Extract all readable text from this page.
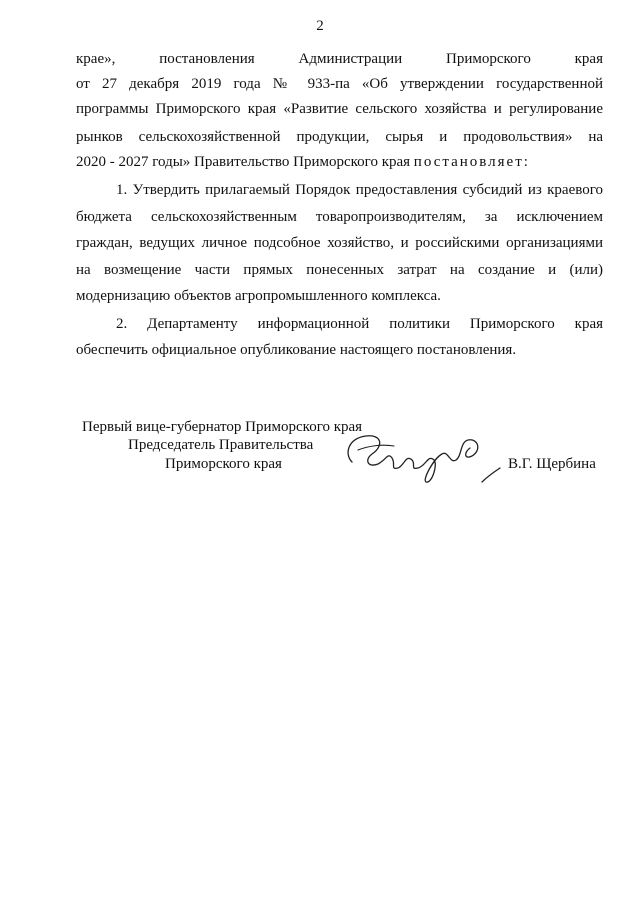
2
крае», постановления Администрации Приморского края
от 27 декабря 2019 года № 933-па «Об утверждении государственной
программы Приморского края «Развитие сельского хозяйства и регулирование
рынков сельскохозяйственной продукции, сырья и продовольствия» на
2020 - 2027 годы» Правительство Приморского края постановляет:
1. Утвердить прилагаемый Порядок предоставления субсидий из краевого
бюджета сельскохозяйственным товаропроизводителям, за исключением
граждан, ведущих личное подсобное хозяйство, и российскими организациями
на возмещение части прямых понесенных затрат на создание и (или)
модернизацию объектов агропромышленного комплекса.
2. Департаменту информационной политики Приморского края
обеспечить официальное опубликование настоящего постановления.
Первый вице-губернатор Приморского края
Председатель Правительства
Приморского края	В.Г. Щербина
